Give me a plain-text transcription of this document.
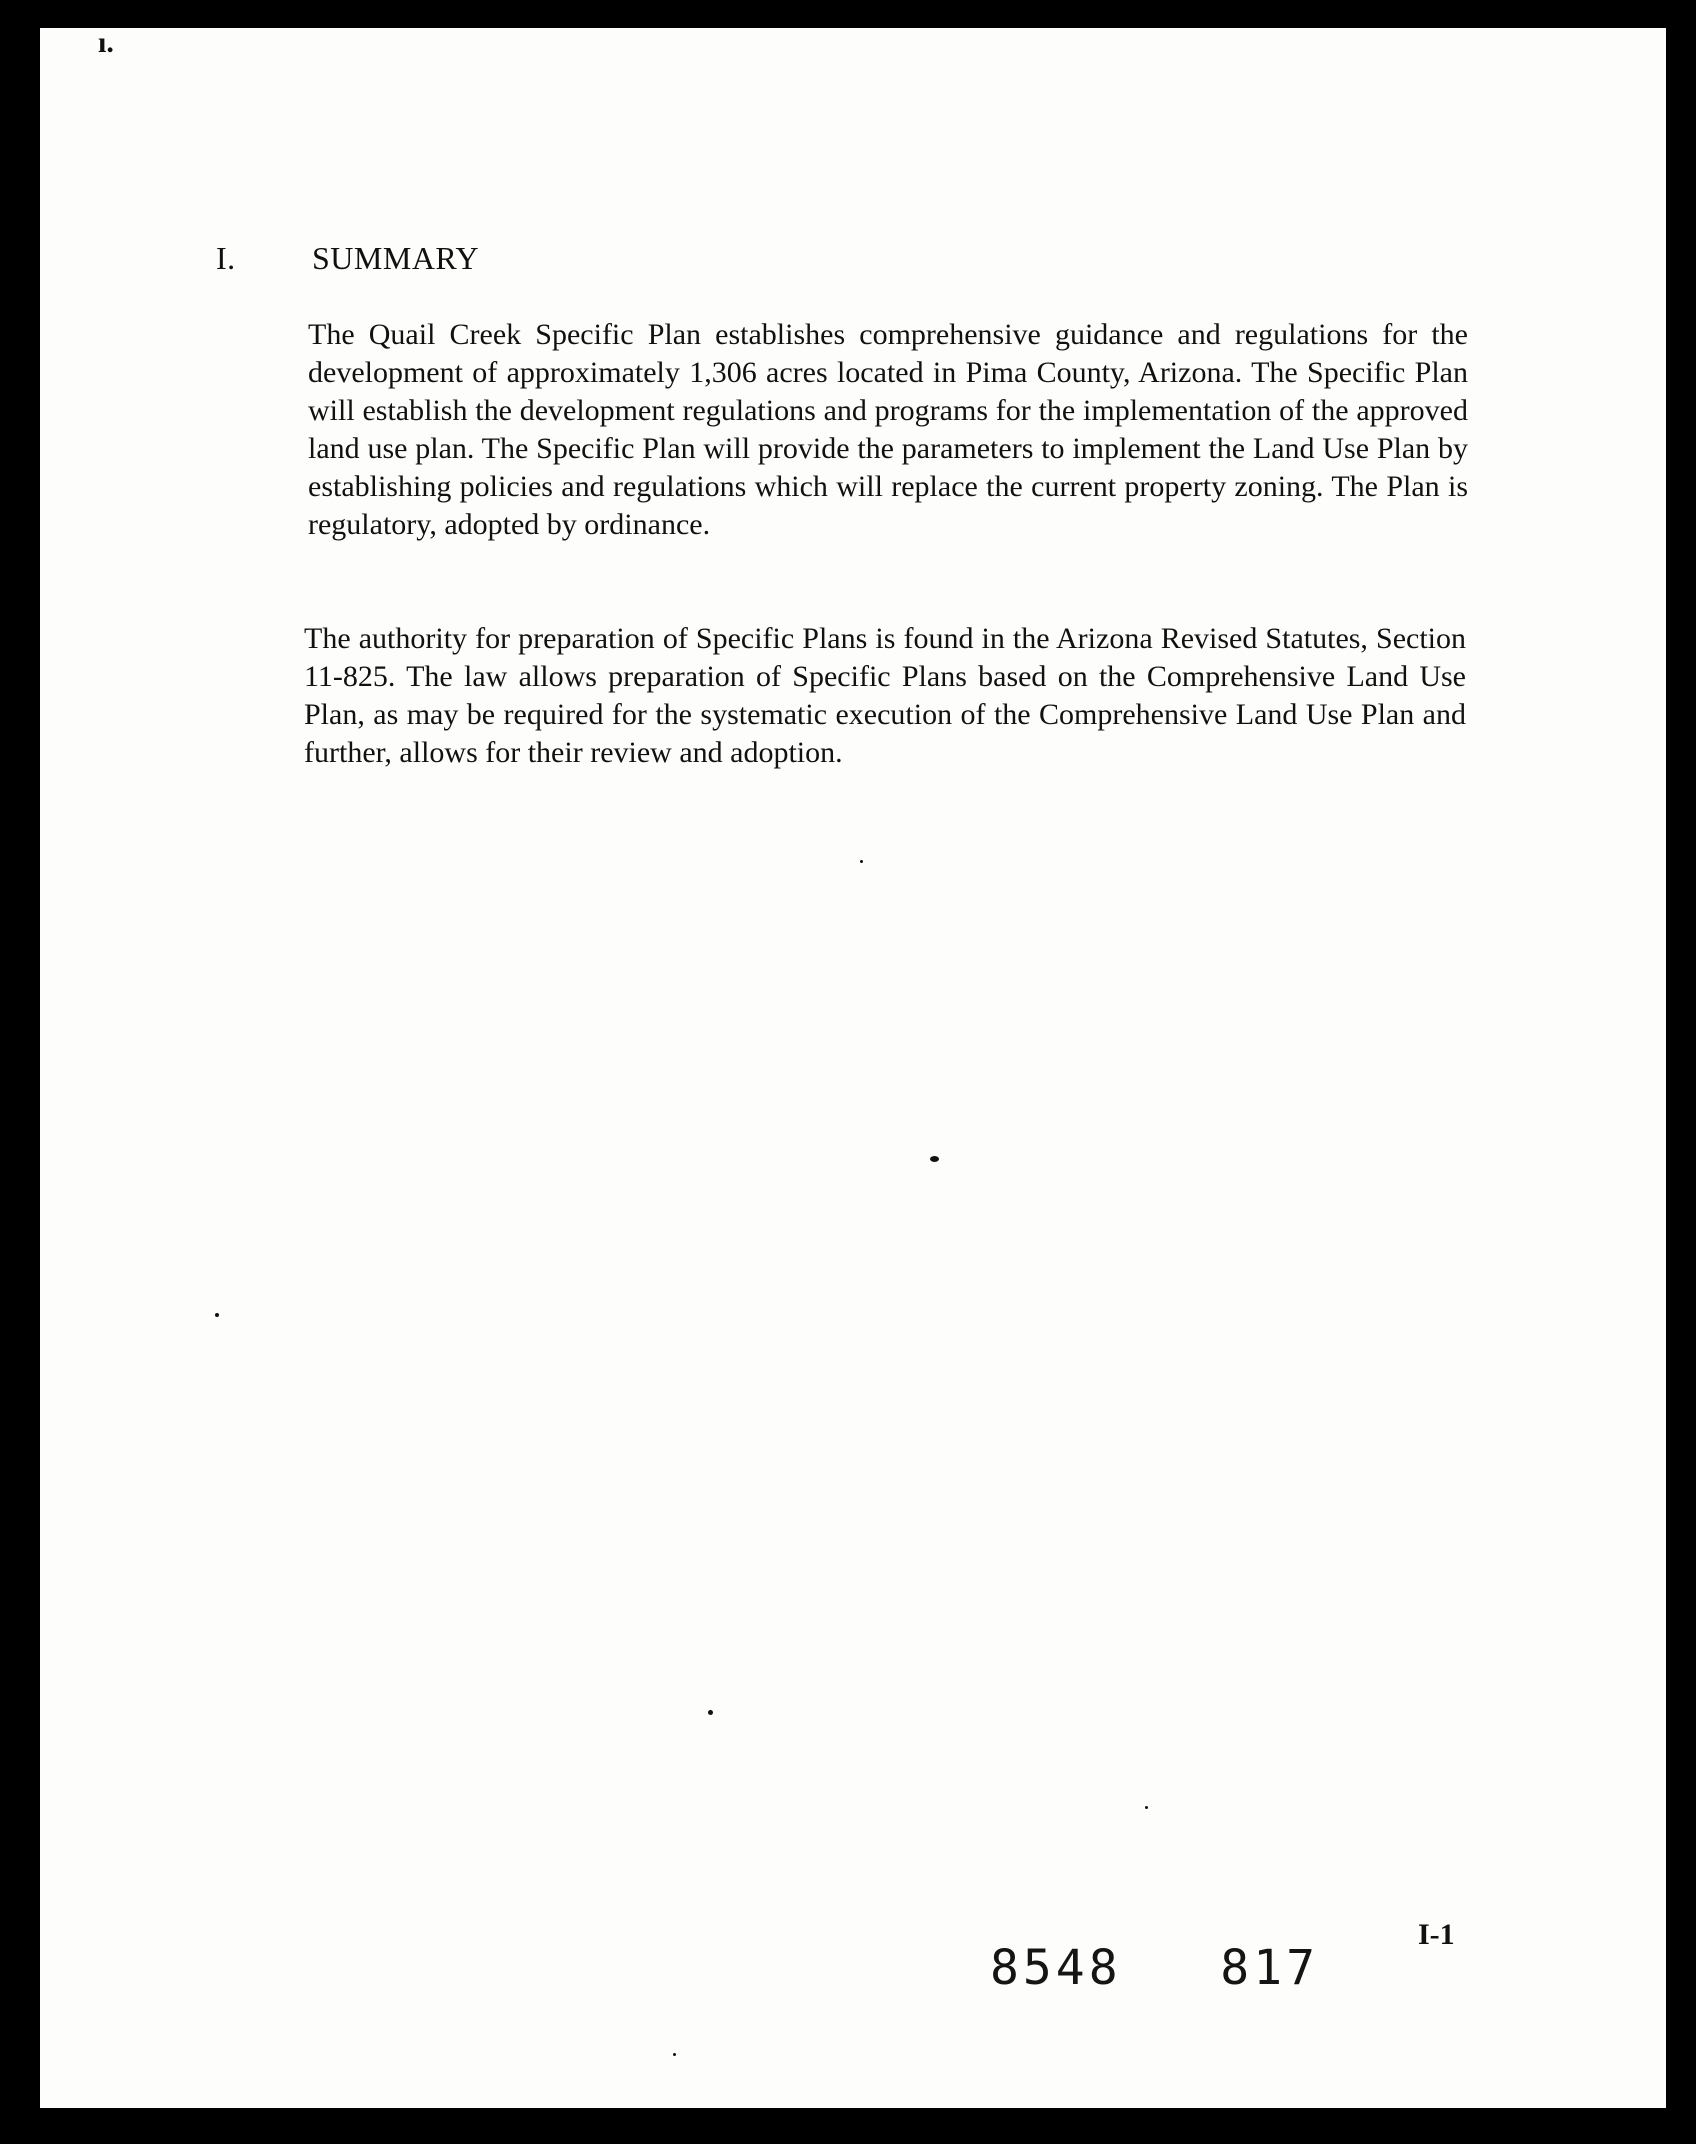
ı.
I. SUMMARY

The Quail Creek Specific Plan establishes comprehensive guidance and regulations for the development of approximately 1,306 acres located in Pima County, Arizona. The Specific Plan will establish the development regulations and programs for the implementation of the approved land use plan. The Specific Plan will provide the parameters to implement the Land Use Plan by establishing policies and regulations which will replace the current property zoning. The Plan is regulatory, adopted by ordinance.

The authority for preparation of Specific Plans is found in the Arizona Revised Statutes, Section 11-825. The law allows preparation of Specific Plans based on the Comprehensive Land Use Plan, as may be required for the systematic execution of the Comprehensive Land Use Plan and further, allows for their review and adoption.

I-1
8548   817
